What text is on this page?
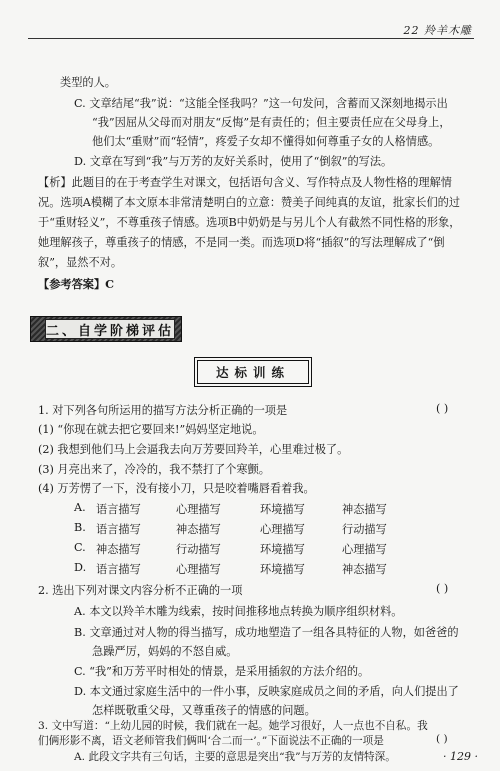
22 羚羊木雕
类型的人。
C. 文章结尾“我”说：“这能全怪我吗？”这一句发问，含蓄而又深刻地揭示出
“我”因屈从父母而对朋友“反悔”是有责任的；但主要责任应在父母身上，
他们太“重财”而“轻情”，疼爱子女却不懂得如何尊重子女的人格情感。
D. 文章在写到“我”与万芳的友好关系时，使用了“倒叙”的写法。
【析】此题目的在于考查学生对课文，包括语句含义、写作特点及人物性格的理解情
况。选项A模糊了本文原本非常清楚明白的立意：赞美子间纯真的友谊，批家长们的过
于“重财轻义”，不尊重孩子情感。选项B中奶奶是与另儿个人有截然不同性格的形象，
她理解孩子，尊重孩子的情感，不是同一类。而选项D将“插叙”的写法理解成了“倒
叙”，显然不对。
【参考答案】C
二、自学阶梯评估
达标训练
1. 对下列各句所运用的描写方法分析正确的一项是	( )
(1) “你现在就去把它要回来!”妈妈坚定地说。
(2) 我想到他们马上会逼我去向万芳要回羚羊，心里难过极了。
(3) 月亮出来了，冷冷的，我不禁打了个寒颤。
(4) 万芳愣了一下，没有接小刀，只是咬着嘴唇看着我。
A. 语言描写	心理描写	环境描写	神态描写
B. 语言描写	神态描写	心理描写	行动描写
C. 神态描写	行动描写	环境描写	心理描写
D. 语言描写	心理描写	环境描写	神态描写
2. 选出下列对课文内容分析不正确的一项	( )
A. 本文以羚羊木雕为线索，按时间推移地点转换为顺序组织材料。
B. 文章通过对人物的得当描写，成功地塑造了一组各具特征的人物，如爸爸的
急躁严厉，妈妈的不怒自威。
C. “我”和万芳平时相处的情景，是采用插叙的方法介绍的。
D. 本文通过家庭生活中的一件小事，反映家庭成员之间的矛盾，向人们提出了
怎样既敬重父母，又尊重孩子的情感的问题。
3. 文中写道：“上幼儿园的时候，我们就在一起。她学习很好，人一点也不自私。我
们俩形影不离，语文老师管我们俩叫‘合二而一’。”下面说法不正确的一项是
· 129 ·
( )
A. 此段文字共有三句话，主要的意思是突出“我”与万芳的友情特深。
